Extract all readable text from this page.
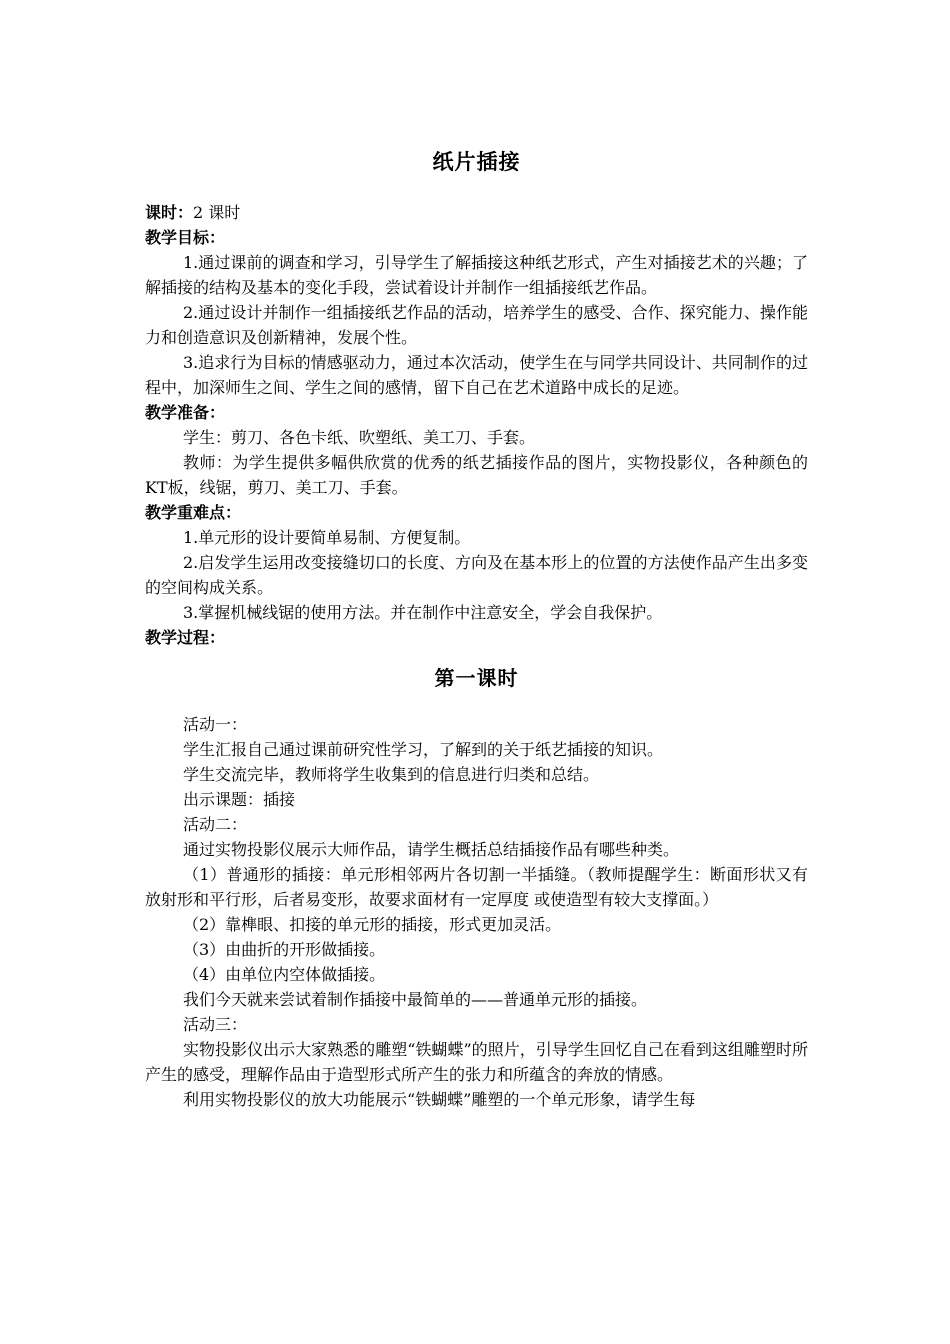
纸片插接

课时：2 课时

教学目标：

1.通过课前的调查和学习，引导学生了解插接这种纸艺形式，产生对插接艺术的兴趣；了解插接的结构及基本的变化手段，尝试着设计并制作一组插接纸艺作品。

2.通过设计并制作一组插接纸艺作品的活动，培养学生的感受、合作、探究能力、操作能力和创造意识及创新精神，发展个性。

3.追求行为目标的情感驱动力，通过本次活动，使学生在与同学共同设计、共同制作的过程中，加深师生之间、学生之间的感情，留下自己在艺术道路中成长的足迹。

教学准备：

学生：剪刀、各色卡纸、吹塑纸、美工刀、手套。

教师：为学生提供多幅供欣赏的优秀的纸艺插接作品的图片，实物投影仪，各种颜色的KT板，线锯，剪刀、美工刀、手套。

教学重难点：

1.单元形的设计要简单易制、方便复制。

2.启发学生运用改变接缝切口的长度、方向及在基本形上的位置的方法使作品产生出多变的空间构成关系。

3.掌握机械线锯的使用方法。并在制作中注意安全，学会自我保护。

教学过程：

第一课时

活动一：

学生汇报自己通过课前研究性学习，了解到的关于纸艺插接的知识。

学生交流完毕，教师将学生收集到的信息进行归类和总结。

出示课题：插接

活动二：

通过实物投影仪展示大师作品，请学生概括总结插接作品有哪些种类。

（1）普通形的插接：单元形相邻两片各切割一半插缝。（教师提醒学生：断面形状又有放射形和平行形，后者易变形，故要求面材有一定厚度 或使造型有较大支撑面。）

（2）靠榫眼、扣接的单元形的插接，形式更加灵活。

（3）由曲折的开形做插接。

（4）由单位内空体做插接。

我们今天就来尝试着制作插接中最简单的——普通单元形的插接。

活动三：

实物投影仪出示大家熟悉的雕塑“铁蝴蝶”的照片，引导学生回忆自己在看到这组雕塑时所产生的感受，理解作品由于造型形式所产生的张力和所蕴含的奔放的情感。

利用实物投影仪的放大功能展示“铁蝴蝶”雕塑的一个单元形象，请学生每
